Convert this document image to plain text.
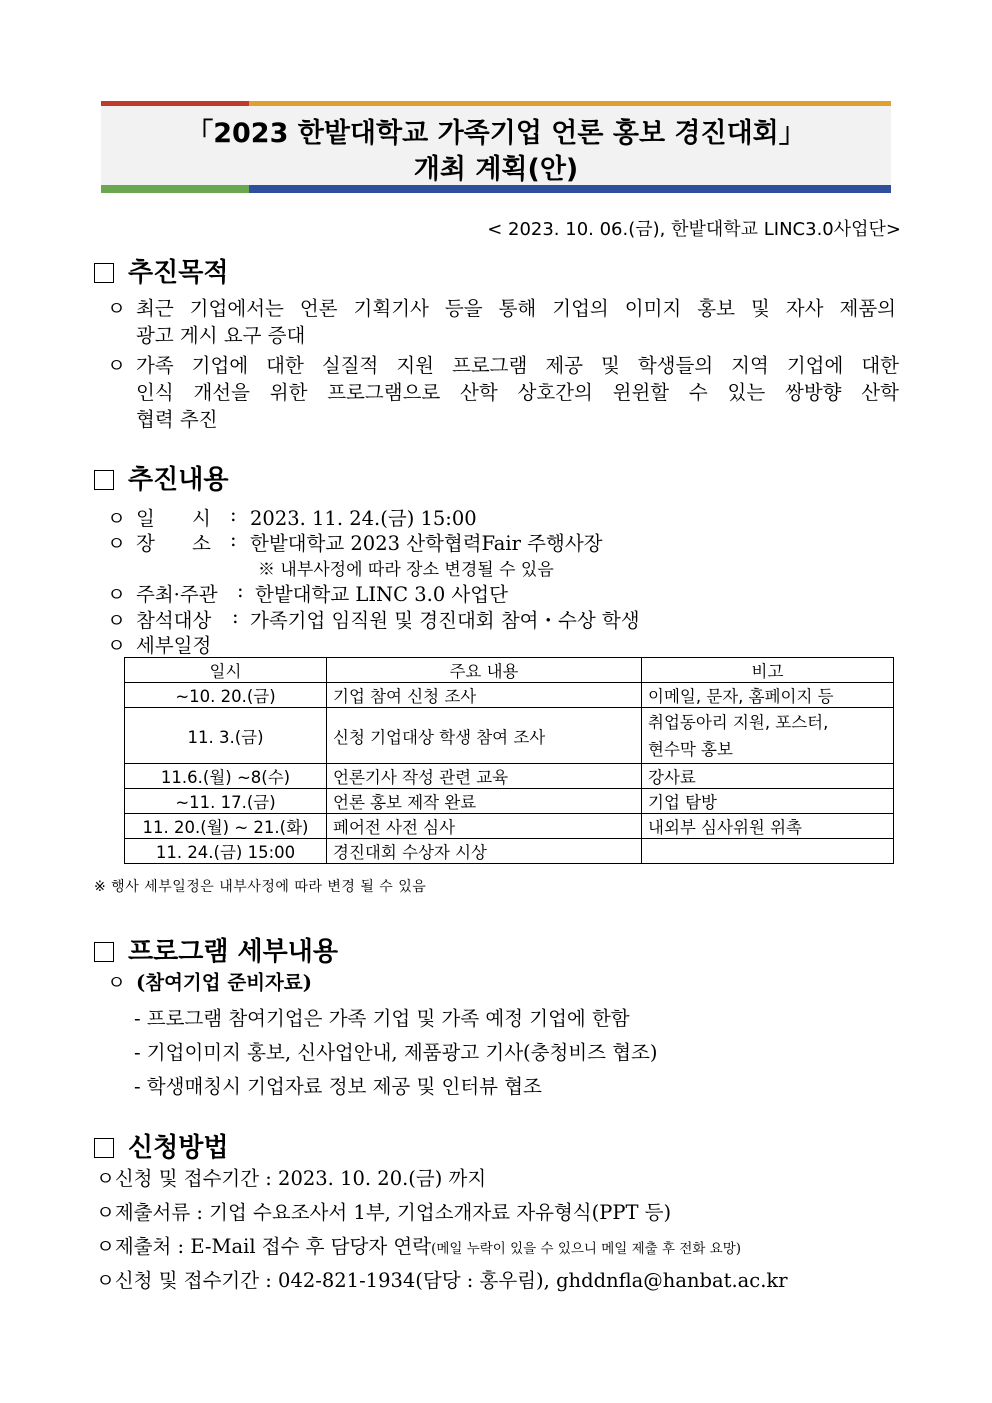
「2023 한밭대학교 가족기업 언론 홍보 경진대회」
개최 계획(안)
< 2023. 10. 06.(금), 한밭대학교 LINC3.0사업단>
추진목적
ㅇ 최근 기업에서는 언론 기획기사 등을 통해 기업의 이미지 홍보 및 자사 제품의
광고 게시 요구 증대
ㅇ 가족 기업에 대한 실질적 지원 프로그램 제공 및 학생들의 지역 기업에 대한
인식 개선을 위한 프로그램으로 산학 상호간의 윈윈할 수 있는 쌍방향 산학
협력 추진
추진내용
ㅇ 일      시 : 2023. 11. 24.(금) 15:00
ㅇ 장      소 : 한밭대학교 2023 산학협력Fair 주행사장
※ 내부사정에 따라 장소 변경될 수 있음
ㅇ 주최·주관 : 한밭대학교 LINC 3.0 사업단
ㅇ 참석대상 : 가족기업 임직원 및 경진대회 참여・수상 학생
ㅇ 세부일정
일시	주요 내용	비고
~10. 20.(금)	기업 참여 신청 조사	이메일, 문자, 홈페이지 등
11. 3.(금)	신청 기업대상 학생 참여 조사	취업동아리 지원, 포스터,
현수막 홍보
11.6.(월) ~8(수)	언론기사 작성 관련 교육	강사료
~11. 17.(금)	언론 홍보 제작 완료	기업 탐방
11. 20.(월) ~ 21.(화)	페어전 사전 심사	내외부 심사위원 위촉
11. 24.(금) 15:00	경진대회 수상자 시상	
※ 행사 세부일정은 내부사정에 따라 변경 될 수 있음
프로그램 세부내용
ㅇ (참여기업 준비자료)
- 프로그램 참여기업은 가족 기업 및 가족 예정 기업에 한함
- 기업이미지 홍보, 신사업안내, 제품광고 기사(충청비즈 협조)
- 학생매칭시 기업자료 정보 제공 및 인터뷰 협조
신청방법
ㅇ신청 및 접수기간 : 2023. 10. 20.(금) 까지
ㅇ제출서류 : 기업 수요조사서 1부, 기업소개자료 자유형식(PPT 등)
ㅇ제출처 : E-Mail 접수 후 담당자 연락(메일 누락이 있을 수 있으니 메일 제출 후 전화 요망)
ㅇ신청 및 접수기간 : 042-821-1934(담당 : 홍우림), ghddnfla@hanbat.ac.kr
